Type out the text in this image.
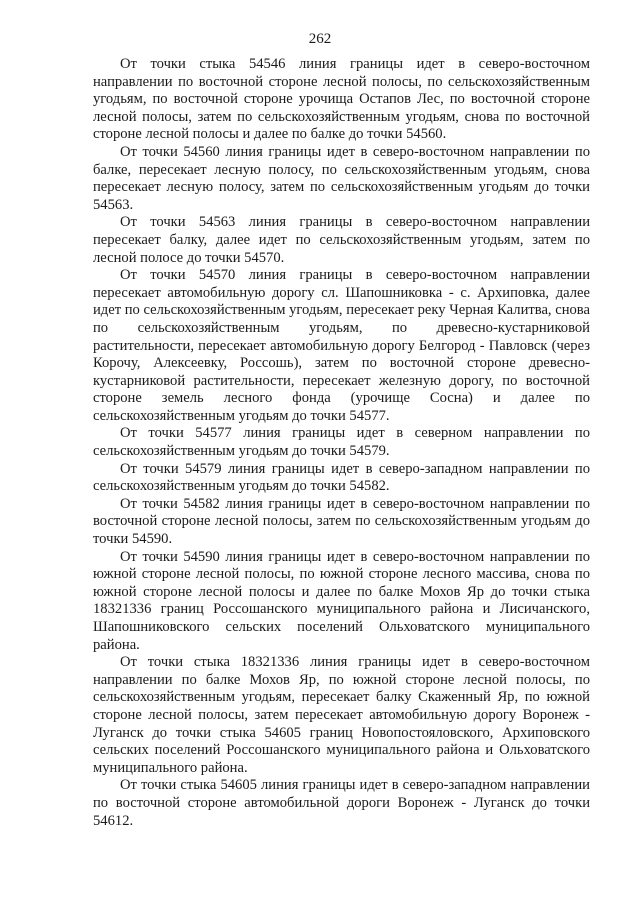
262

От точки стыка 54546 линия границы идет в северо-восточном направлении по восточной стороне лесной полосы, по сельскохозяйственным угодьям, по восточной стороне урочища Остапов Лес, по восточной стороне лесной полосы, затем по сельскохозяйственным угодьям, снова по восточной стороне лесной полосы и далее по балке до точки 54560.

От точки 54560 линия границы идет в северо-восточном направлении по балке, пересекает лесную полосу, по сельскохозяйственным угодьям, снова пересекает лесную полосу, затем по сельскохозяйственным угодьям до точки 54563.

От точки 54563 линия границы в северо-восточном направлении пересекает балку, далее идет по сельскохозяйственным угодьям, затем по лесной полосе до точки 54570.

От точки 54570 линия границы в северо-восточном направлении пересекает автомобильную дорогу сл. Шапошниковка - с. Архиповка, далее идет по сельскохозяйственным угодьям, пересекает реку Черная Калитва, снова по сельскохозяйственным угодьям, по древесно-кустарниковой растительности, пересекает автомобильную дорогу Белгород - Павловск (через Корочу, Алексеевку, Россошь), затем по восточной стороне древесно-кустарниковой растительности, пересекает железную дорогу, по восточной стороне земель лесного фонда (урочище Сосна) и далее по сельскохозяйственным угодьям до точки 54577.

От точки 54577 линия границы идет в северном направлении по сельскохозяйственным угодьям до точки 54579.

От точки 54579 линия границы идет в северо-западном направлении по сельскохозяйственным угодьям до точки 54582.

От точки 54582 линия границы идет в северо-восточном направлении по восточной стороне лесной полосы, затем по сельскохозяйственным угодьям до точки 54590.

От точки 54590 линия границы идет в северо-восточном направлении по южной стороне лесной полосы, по южной стороне лесного массива, снова по южной стороне лесной полосы и далее по балке Мохов Яр до точки стыка 18321336 границ Россошанского муниципального района и Лисичанского, Шапошниковского сельских поселений Ольховатского муниципального района.

От точки стыка 18321336 линия границы идет в северо-восточном направлении по балке Мохов Яр, по южной стороне лесной полосы, по сельскохозяйственным угодьям, пересекает балку Скаженный Яр, по южной стороне лесной полосы, затем пересекает автомобильную дорогу Воронеж - Луганск до точки стыка 54605 границ Новопостояловского, Архиповского сельских поселений Россошанского муниципального района и Ольховатского муниципального района.

От точки стыка 54605 линия границы идет в северо-западном направлении по восточной стороне автомобильной дороги Воронеж - Луганск до точки 54612.
